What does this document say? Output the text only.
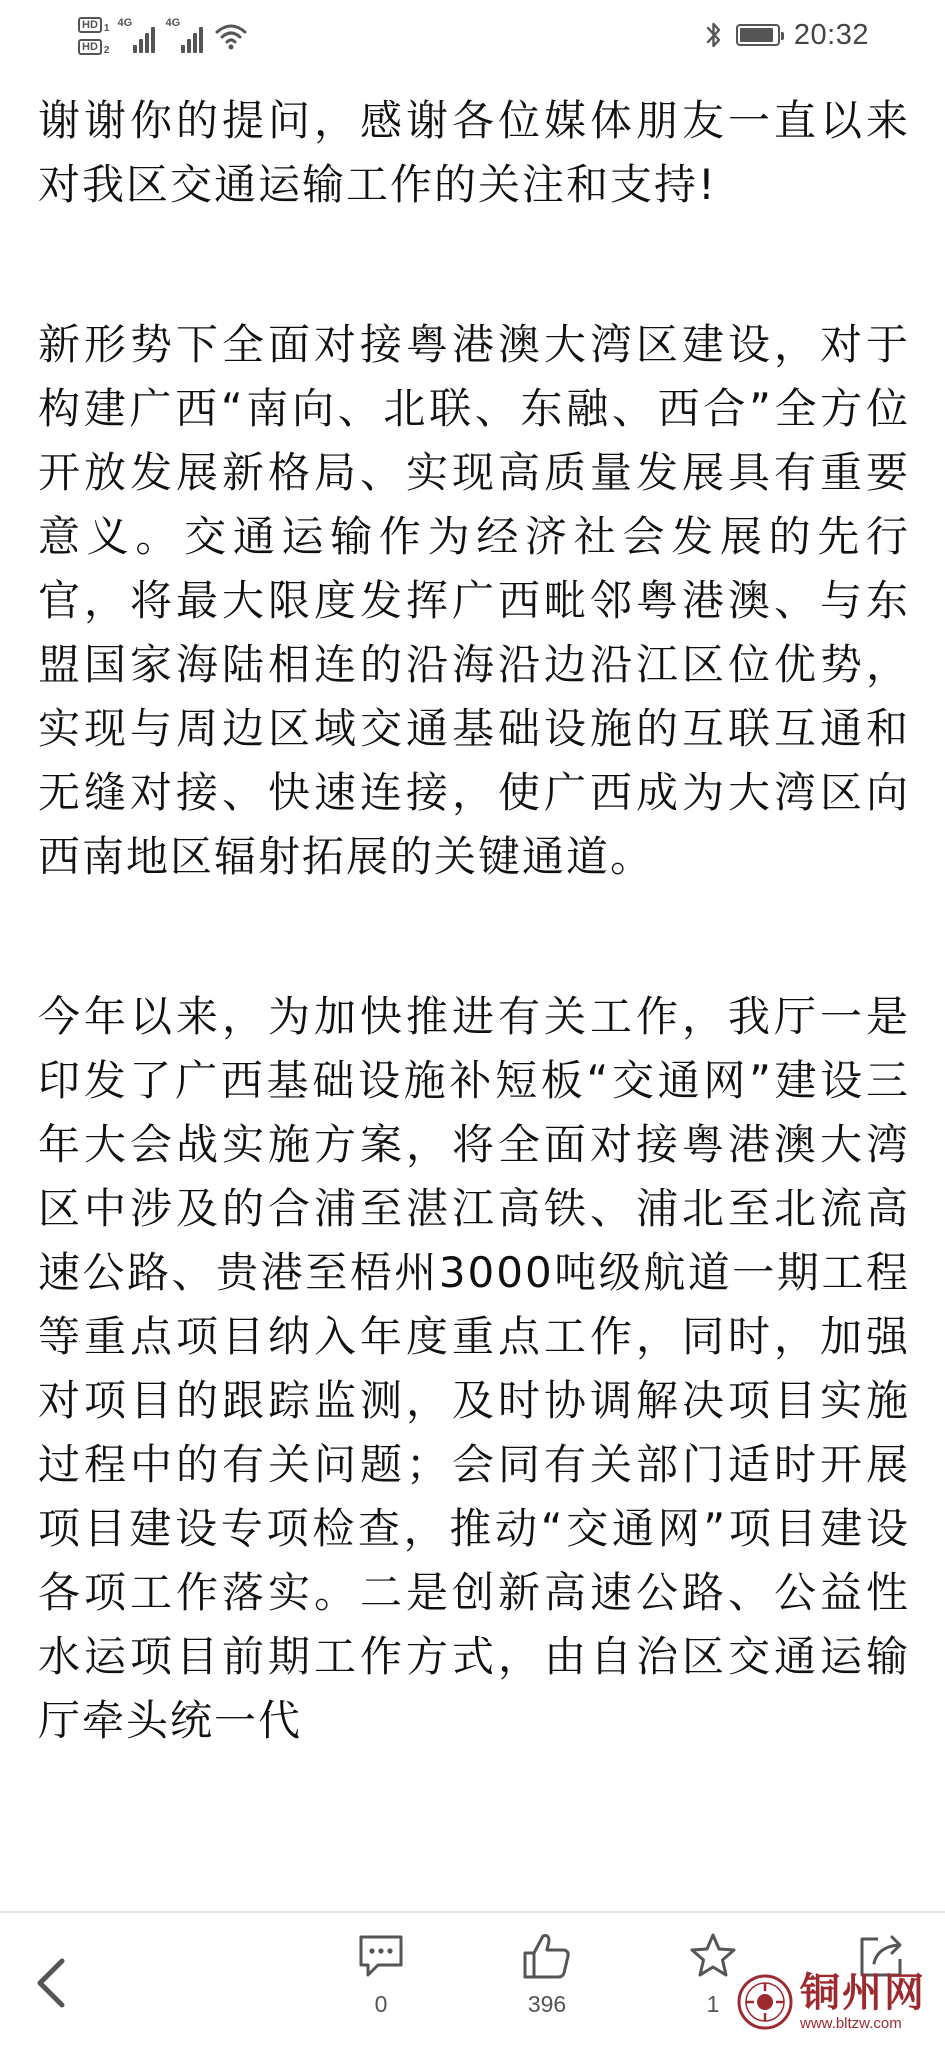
HD 1
HD 2
4G	4G	20:32

谢谢你的提问，感谢各位媒体朋友一直以来对我区交通运输工作的关注和支持!

新形势下全面对接粤港澳大湾区建设，对于构建广西“南向、北联、东融、西合”全方位开放发展新格局、实现高质量发展具有重要意义。交通运输作为经济社会发展的先行官，将最大限度发挥广西毗邻粤港澳、与东盟国家海陆相连的沿海沿边沿江区位优势，实现与周边区域交通基础设施的互联互通和无缝对接、快速连接，使广西成为大湾区向西南地区辐射拓展的关键通道。

今年以来，为加快推进有关工作，我厅一是印发了广西基础设施补短板“交通网”建设三年大会战实施方案，将全面对接粤港澳大湾区中涉及的合浦至湛江高铁、浦北至北流高速公路、贵港至梧州3000吨级航道一期工程等重点项目纳入年度重点工作，同时，加强对项目的跟踪监测，及时协调解决项目实施过程中的有关问题；会同有关部门适时开展项目建设专项检查，推动“交通网”项目建设各项工作落实。二是创新高速公路、公益性水运项目前期工作方式，由自治区交通运输厅牵头统一代

0	396	1 铜州网
www.bltzw.com
